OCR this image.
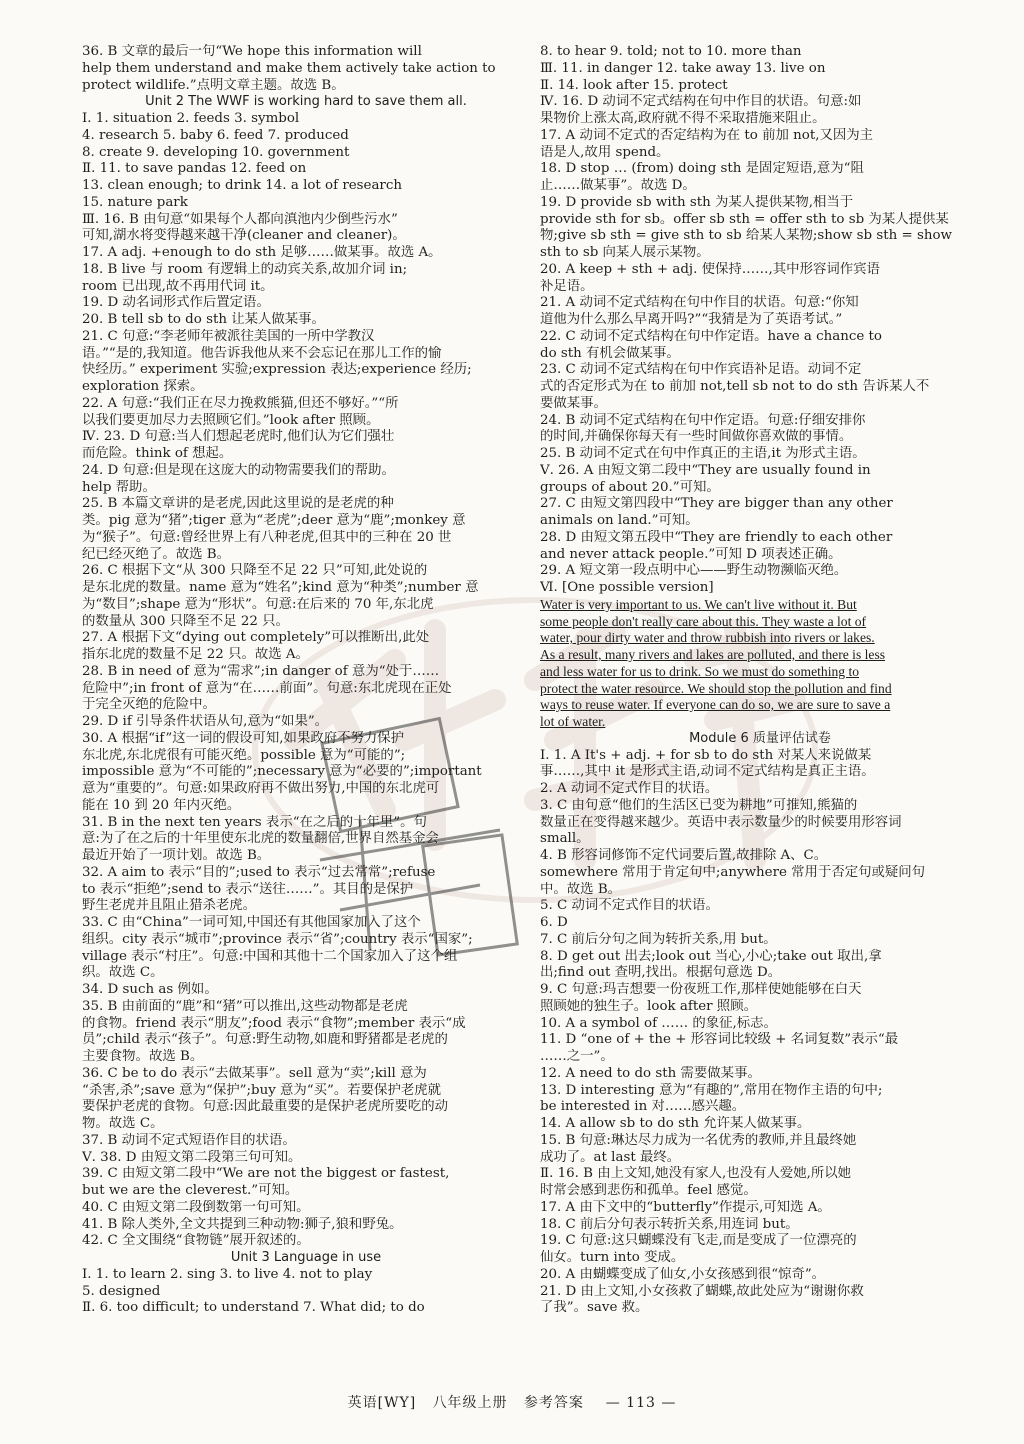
36. B 文章的最后一句“We hope this information will
help them understand and make them actively take action to
protect wildlife.”点明文章主题。故选 B。
Unit 2 The WWF is working hard to save them all.
Ⅰ. 1. situation 2. feeds 3. symbol
4. research 5. baby 6. feed 7. produced
8. create 9. developing 10. government
Ⅱ. 11. to save pandas 12. feed on
13. clean enough; to drink 14. a lot of research
15. nature park
Ⅲ. 16. B 由句意“如果每个人都向滇池内少倒些污水”
可知,湖水将变得越来越干净(cleaner and cleaner)。
17. A adj. +enough to do sth 足够……做某事。故选 A。
18. B live 与 room 有逻辑上的动宾关系,故加介词 in;
room 已出现,故不再用代词 it。
19. D 动名词形式作后置定语。
20. B tell sb to do sth 让某人做某事。
21. C 句意:“李老师年被派往美国的一所中学教汉
语。”“是的,我知道。他告诉我他从来不会忘记在那儿工作的愉
快经历。” experiment 实验;expression 表达;experience 经历;
exploration 探索。
22. A 句意:“我们正在尽力挽救熊猫,但还不够好。”“所
以我们要更加尽力去照顾它们。”look after 照顾。
Ⅳ. 23. D 句意:当人们想起老虎时,他们认为它们强壮
而危险。think of 想起。
24. D 句意:但是现在这庞大的动物需要我们的帮助。
help 帮助。
25. B 本篇文章讲的是老虎,因此这里说的是老虎的种
类。pig 意为“猪”;tiger 意为“老虎”;deer 意为“鹿”;monkey 意
为“猴子”。句意:曾经世界上有八种老虎,但其中的三种在 20 世
纪已经灭绝了。故选 B。
26. C 根据下文“从 300 只降至不足 22 只”可知,此处说的
是东北虎的数量。name 意为“姓名”;kind 意为“种类”;number 意
为“数目”;shape 意为“形状”。句意:在后来的 70 年,东北虎
的数量从 300 只降至不足 22 只。
27. A 根据下文“dying out completely”可以推断出,此处
指东北虎的数量不足 22 只。故选 A。
28. B in need of 意为“需求”;in danger of 意为“处于……
危险中”;in front of 意为“在……前面”。句意:东北虎现在正处
于完全灭绝的危险中。
29. D if 引导条件状语从句,意为“如果”。
30. A 根据“if”这一词的假设可知,如果政府不努力保护
东北虎,东北虎很有可能灭绝。possible 意为“可能的”;
impossible 意为“不可能的”;necessary 意为“必要的”;important
意为“重要的”。句意:如果政府再不做出努力,中国的东北虎可
能在 10 到 20 年内灭绝。
31. B in the next ten years 表示“在之后的十年里”。句
意:为了在之后的十年里使东北虎的数量翻倍,世界自然基金会
最近开始了一项计划。故选 B。
32. A aim to 表示“目的”;used to 表示“过去常常”;refuse
to 表示“拒绝”;send to 表示“送往……”。其目的是保护
野生老虎并且阻止猎杀老虎。
33. C 由“China”一词可知,中国还有其他国家加入了这个
组织。city 表示“城市”;province 表示“省”;country 表示“国家”;
village 表示“村庄”。句意:中国和其他十二个国家加入了这个组
织。故选 C。
34. D such as 例如。
35. B 由前面的“鹿”和“猪”可以推出,这些动物都是老虎
的食物。friend 表示“朋友”;food 表示“食物”;member 表示“成
员”;child 表示“孩子”。句意:野生动物,如鹿和野猪都是老虎的
主要食物。故选 B。
36. C be to do 表示“去做某事”。sell 意为“卖”;kill 意为
“杀害,杀”;save 意为“保护”;buy 意为“买”。若要保护老虎就
要保护老虎的食物。句意:因此最重要的是保护老虎所要吃的动
物。故选 C。
37. B 动词不定式短语作目的状语。
Ⅴ. 38. D 由短文第二段第三句可知。
39. C 由短文第二段中“We are not the biggest or fastest,
but we are the cleverest.”可知。
40. C 由短文第二段倒数第一句可知。
41. B 除人类外,全文共提到三种动物:狮子,狼和野兔。
42. C 全文围绕“食物链”展开叙述的。
Unit 3 Language in use
Ⅰ. 1. to learn 2. sing 3. to live 4. not to play
5. designed
Ⅱ. 6. too difficult; to understand 7. What did; to do
8. to hear 9. told; not to 10. more than
Ⅲ. 11. in danger 12. take away 13. live on
Ⅱ. 14. look after 15. protect
Ⅳ. 16. D 动词不定式结构在句中作目的状语。句意:如
果物价上涨太高,政府就不得不采取措施来阻止。
17. A 动词不定式的否定结构为在 to 前加 not,又因为主
语是人,故用 spend。
18. D stop … (from) doing sth 是固定短语,意为“阻
止……做某事”。故选 D。
19. D provide sb with sth 为某人提供某物,相当于
provide sth for sb。offer sb sth = offer sth to sb 为某人提供某
物;give sb sth = give sth to sb 给某人某物;show sb sth = show
sth to sb 向某人展示某物。
20. A keep + sth + adj. 使保持……,其中形容词作宾语
补足语。
21. A 动词不定式结构在句中作目的状语。句意:“你知
道他为什么那么早离开吗?”“我猜是为了英语考试。”
22. C 动词不定式结构在句中作定语。have a chance to
do sth 有机会做某事。
23. C 动词不定式结构在句中作宾语补足语。动词不定
式的否定形式为在 to 前加 not,tell sb not to do sth 告诉某人不
要做某事。
24. B 动词不定式结构在句中作定语。句意:仔细安排你
的时间,并确保你每天有一些时间做你喜欢做的事情。
25. B 动词不定式在句中作真正的主语,it 为形式主语。
Ⅴ. 26. A 由短文第二段中“They are usually found in
groups of about 20.”可知。
27. C 由短文第四段中“They are bigger than any other
animals on land.”可知。
28. D 由短文第五段中“They are friendly to each other
and never attack people.”可知 D 项表述正确。
29. A 短文第一段点明中心——野生动物濒临灭绝。
Ⅵ. [One possible version]
Water is very important to us. We can't live without it. But
some people don't really care about this. They waste a lot of
water, pour dirty water and throw rubbish into rivers or lakes.
As a result, many rivers and lakes are polluted, and there is less
and less water for us to drink. So we must do something to
protect the water resource. We should stop the pollution and find
ways to reuse water. If everyone can do so, we are sure to save a
lot of water.
Module 6 质量评估试卷
Ⅰ. 1. A It's + adj. + for sb to do sth 对某人来说做某
事……,其中 it 是形式主语,动词不定式结构是真正主语。
2. A 动词不定式作目的状语。
3. C 由句意“他们的生活区已变为耕地”可推知,熊猫的
数量正在变得越来越少。英语中表示数量少的时候要用形容词
small。
4. B 形容词修饰不定代词要后置,故排除 A、C。
somewhere 常用于肯定句中;anywhere 常用于否定句或疑问句
中。故选 B。
5. C 动词不定式作目的状语。
6. D
7. C 前后分句之间为转折关系,用 but。
8. D get out 出去;look out 当心,小心;take out 取出,拿
出;find out 查明,找出。根据句意选 D。
9. C 句意:玛吉想要一份夜班工作,那样使她能够在白天
照顾她的独生子。look after 照顾。
10. A a symbol of …… 的象征,标志。
11. D “one of + the + 形容词比较级 + 名词复数”表示“最
……之一”。
12. A need to do sth 需要做某事。
13. D interesting 意为“有趣的”,常用在物作主语的句中;
be interested in 对……感兴趣。
14. A allow sb to do sth 允许某人做某事。
15. B 句意:琳达尽力成为一名优秀的教师,并且最终她
成功了。at last 最终。
Ⅱ. 16. B 由上文知,她没有家人,也没有人爱她,所以她
时常会感到悲伤和孤单。feel 感觉。
17. A 由下文中的“butterfly”作提示,可知选 A。
18. C 前后分句表示转折关系,用连词 but。
19. C 句意:这只蝴蝶没有飞走,而是变成了一位漂亮的
仙女。turn into 变成。
20. A 由蝴蝶变成了仙女,小女孩感到很“惊奇”。
21. D 由上文知,小女孩救了蝴蝶,故此处应为“谢谢你救
了我”。save 救。
英语[WY] 八年级上册 参考答案 — 113 —
